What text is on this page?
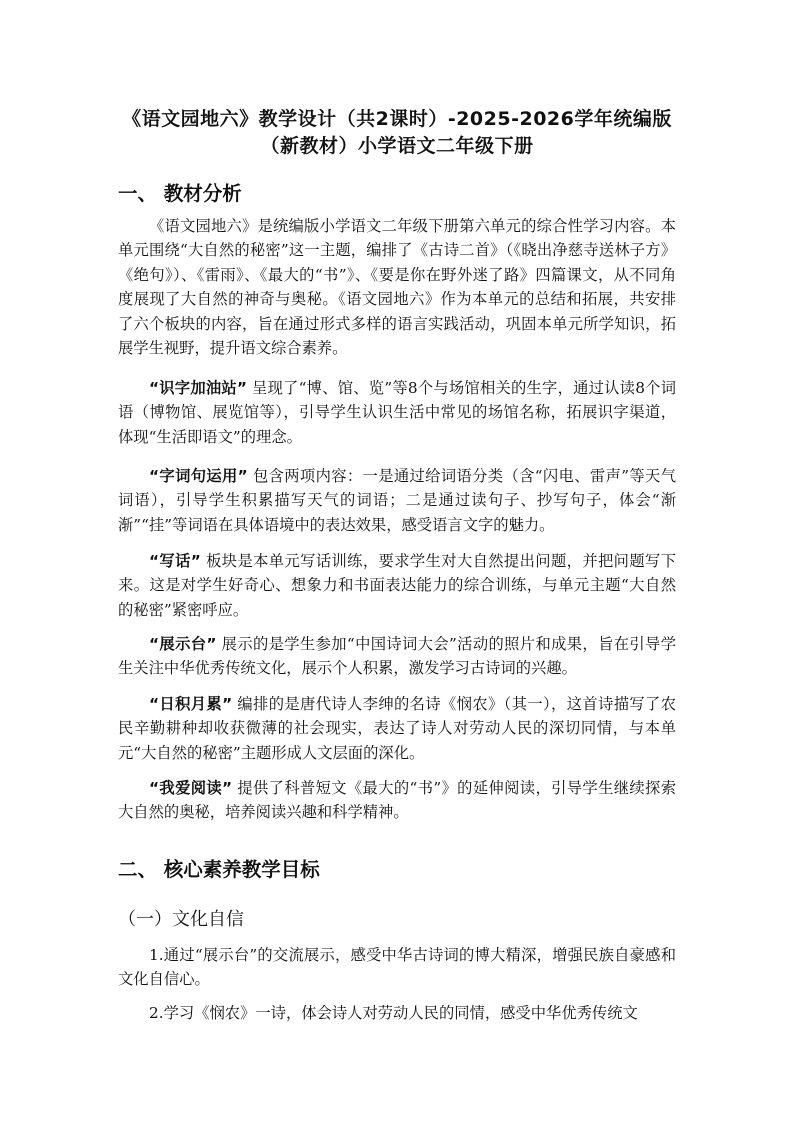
《语文园地六》教学设计（共2课时）-2025-2026学年统编版
（新教材）小学语文二年级下册
一、 教材分析

《语文园地六》是统编版小学语文二年级下册第六单元的综合性学习内容。本单元围绕“大自然的秘密”这一主题，编排了《古诗二首》（《晓出净慈寺送林子方》《绝句》）、《雷雨》、《最大的“书”》、《要是你在野外迷了路》四篇课文，从不同角度展现了大自然的神奇与奥秘。《语文园地六》作为本单元的总结和拓展，共安排了六个板块的内容，旨在通过形式多样的语言实践活动，巩固本单元所学知识，拓展学生视野，提升语文综合素养。

“识字加油站” 呈现了“博、馆、览”等8个与场馆相关的生字，通过认读8个词语（博物馆、展览馆等），引导学生认识生活中常见的场馆名称，拓展识字渠道，体现“生活即语文”的理念。

“字词句运用” 包含两项内容：一是通过给词语分类（含“闪电、雷声”等天气词语），引导学生积累描写天气的词语；二是通过读句子、抄写句子，体会“渐渐”“挂”等词语在具体语境中的表达效果，感受语言文字的魅力。

“写话” 板块是本单元写话训练，要求学生对大自然提出问题，并把问题写下来。这是对学生好奇心、想象力和书面表达能力的综合训练，与单元主题“大自然的秘密”紧密呼应。

“展示台” 展示的是学生参加“中国诗词大会”活动的照片和成果，旨在引导学生关注中华优秀传统文化，展示个人积累，激发学习古诗词的兴趣。

“日积月累” 编排的是唐代诗人李绅的名诗《悯农》（其一），这首诗描写了农民辛勤耕种却收获微薄的社会现实，表达了诗人对劳动人民的深切同情，与本单元“大自然的秘密”主题形成人文层面的深化。

“我爱阅读” 提供了科普短文《最大的“书”》的延伸阅读，引导学生继续探索大自然的奥秘，培养阅读兴趣和科学精神。

二、 核心素养教学目标
（一）文化自信

1.通过“展示台”的交流展示，感受中华古诗词的博大精深，增强民族自豪感和文化自信心。

2.学习《悯农》一诗，体会诗人对劳动人民的同情，感受中华优秀传统文
